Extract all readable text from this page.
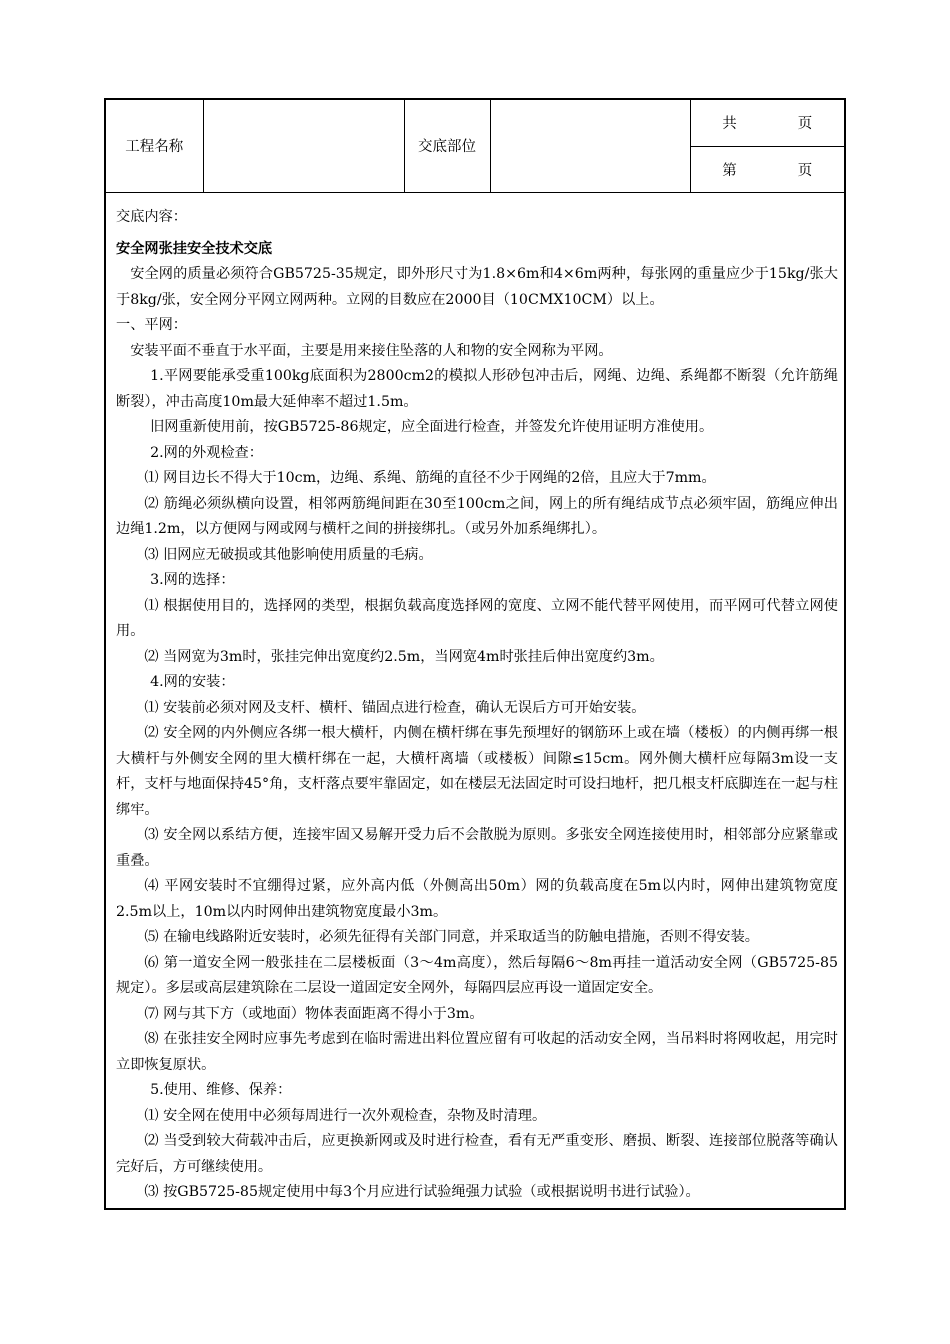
工程名称		交底部位		共　　页
第　　页

交底内容：

安全网张挂安全技术交底

安全网的质量必须符合GB5725-35规定，即外形尺寸为1.8×6m和4×6m两种，每张网的重量应少于15kg/张大于8kg/张，安全网分平网立网两种。立网的目数应在2000目（10CMX10CM）以上。

一、平网：

安装平面不垂直于水平面，主要是用来接住坠落的人和物的安全网称为平网。

1.平网要能承受重100kg底面积为2800cm2的模拟人形砂包冲击后，网绳、边绳、系绳都不断裂（允许筋绳断裂），冲击高度10m最大延伸率不超过1.5m。

旧网重新使用前，按GB5725-86规定，应全面进行检查，并签发允许使用证明方准使用。

2.网的外观检查：

⑴ 网目边长不得大于10cm，边绳、系绳、筋绳的直径不少于网绳的2倍，且应大于7mm。

⑵ 筋绳必须纵横向设置，相邻两筋绳间距在30至100cm之间，网上的所有绳结成节点必须牢固，筋绳应伸出边绳1.2m，以方便网与网或网与横杆之间的拼接绑扎。（或另外加系绳绑扎）。

⑶ 旧网应无破损或其他影响使用质量的毛病。

3.网的选择：

⑴ 根据使用目的，选择网的类型，根据负载高度选择网的宽度、立网不能代替平网使用，而平网可代替立网使用。

⑵ 当网宽为3m时，张挂完伸出宽度约2.5m，当网宽4m时张挂后伸出宽度约3m。

4.网的安装：

⑴ 安装前必须对网及支杆、横杆、锚固点进行检查，确认无误后方可开始安装。

⑵ 安全网的内外侧应各绑一根大横杆，内侧在横杆绑在事先预埋好的钢筋环上或在墙（楼板）的内侧再绑一根大横杆与外侧安全网的里大横杆绑在一起，大横杆离墙（或楼板）间隙≤15cm。网外侧大横杆应每隔3m设一支杆，支杆与地面保持45°角，支杆落点要牢靠固定，如在楼层无法固定时可设扫地杆，把几根支杆底脚连在一起与柱绑牢。

⑶ 安全网以系结方便，连接牢固又易解开受力后不会散脱为原则。多张安全网连接使用时，相邻部分应紧靠或重叠。

⑷ 平网安装时不宜绷得过紧，应外高内低（外侧高出50m）网的负载高度在5m以内时，网伸出建筑物宽度2.5m以上，10m以内时网伸出建筑物宽度最小3m。

⑸ 在输电线路附近安装时，必须先征得有关部门同意，并采取适当的防触电措施，否则不得安装。

⑹ 第一道安全网一般张挂在二层楼板面（3～4m高度），然后每隔6～8m再挂一道活动安全网（GB5725-85规定）。多层或高层建筑除在二层设一道固定安全网外，每隔四层应再设一道固定安全。

⑺ 网与其下方（或地面）物体表面距离不得小于3m。

⑻ 在张挂安全网时应事先考虑到在临时需进出料位置应留有可收起的活动安全网，当吊料时将网收起，用完时立即恢复原状。

5.使用、维修、保养：

⑴ 安全网在使用中必须每周进行一次外观检查，杂物及时清理。

⑵ 当受到较大荷载冲击后，应更换新网或及时进行检查，看有无严重变形、磨损、断裂、连接部位脱落等确认完好后，方可继续使用。

⑶ 按GB5725-85规定使用中每3个月应进行试验绳强力试验（或根据说明书进行试验）。
